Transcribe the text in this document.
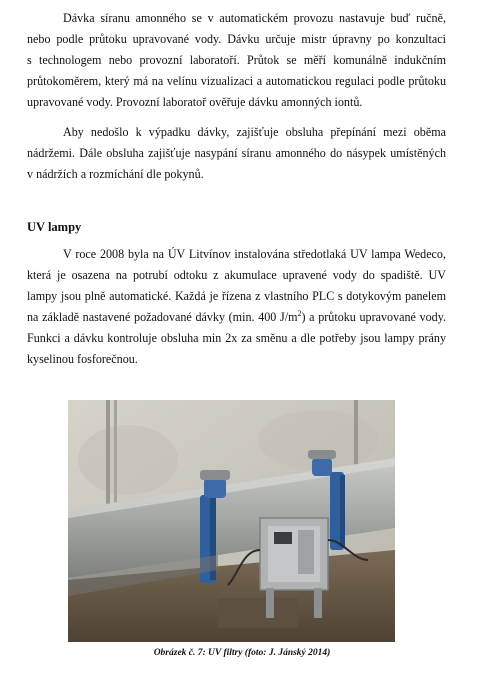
Dávka síranu amonného se v automatickém provozu nastavuje buď ručně,
nebo podle průtoku upravované vody. Dávku určuje mistr úpravny po konzultaci
s technologem nebo provozní laboratoří. Průtok se měří komunálně indukčním
průtokoměrem, který má na velínu vizualizaci a automatickou regulaci podle průtoku
upravované vody. Provozní laboratoř ověřuje dávku amonných iontů.
Aby nedošlo k výpadku dávky, zajišťuje obsluha přepínání mezi oběma
nádržemi. Dále obsluha zajišťuje nasypání síranu amonného do násypek umístěných
v nádržích a rozmíchání dle pokynů.
UV lampy
V roce 2008 byla na ÚV Litvínov instalována středotlaká UV lampa Wedeco,
která je osazena na potrubí odtoku z akumulace upravené vody do spadiště. UV
lampy jsou plně automatické. Každá je řízena z vlastního PLC s dotykovým panelem
na základě nastavené požadované dávky (min. 400 $J/m^2$) a průtoku upravované vody.
Funkci a dávku kontroluje obsluha min 2x za směnu a dle potřeby jsou lampy prány
kyselinou fosforečnou.

Obrázek č. 7: UV filtry (foto: J. Jánský 2014)
